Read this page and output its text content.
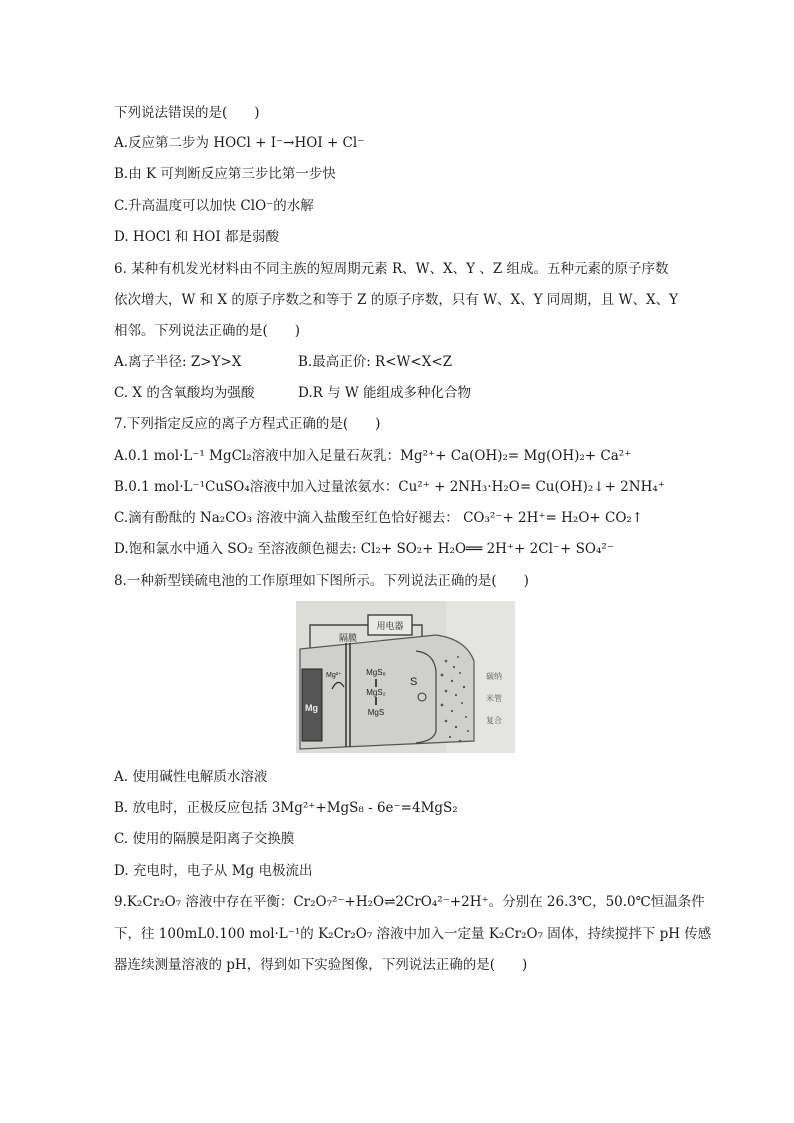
下列说法错误的是(　　)
A.反应第二步为 HOCl + I⁻→HOI + Cl⁻
B.由 K 可判断反应第三步比第一步快
C.升高温度可以加快 ClO⁻的水解
D. HOCl 和 HOI 都是弱酸
6. 某种有机发光材料由不同主族的短周期元素 R、W、X、Y 、Z 组成。五种元素的原子序数
依次增大，W 和 X 的原子序数之和等于 Z 的原子序数，只有 W、X、Y 同周期，且 W、X、Y
相邻。下列说法正确的是(　　)
A.离子半径: Z>Y>X	B.最高正价: R<W<X<Z
C. X 的含氧酸均为强酸	D.R 与 W 能组成多种化合物
7.下列指定反应的离子方程式正确的是(　　)
A.0.1 mol·L⁻¹ MgCl₂溶液中加入足量石灰乳：Mg²⁺+ Ca(OH)₂= Mg(OH)₂+ Ca²⁺
B.0.1 mol·L⁻¹CuSO₄溶液中加入过量浓氨水：Cu²⁺ + 2NH₃·H₂O= Cu(OH)₂↓+ 2NH₄⁺
C.滴有酚酞的 Na₂CO₃ 溶液中滴入盐酸至红色恰好褪去： CO₃²⁻+ 2H⁺= H₂O+ CO₂↑
D.饱和氯水中通入 SO₂ 至溶液颜色褪去: Cl₂+ SO₂+ H₂O══ 2H⁺+ 2Cl⁻+ SO₄²⁻
8.一种新型镁硫电池的工作原理如下图所示。下列说法正确的是(　　)
用电器
隔膜
Mg
Mg²⁺	MgS₈
MgS₂
MgS
S	碳纳
米管
复合
A. 使用碱性电解质水溶液
B. 放电时，正极反应包括 3Mg²⁺+MgS₈ - 6e⁻=4MgS₂
C. 使用的隔膜是阳离子交换膜
D. 充电时，电子从 Mg 电极流出
9.K₂Cr₂O₇ 溶液中存在平衡：Cr₂O₇²⁻+H₂O⇌2CrO₄²⁻+2H⁺。分别在 26.3℃，50.0℃恒温条件
下，往 100mL0.100 mol·L⁻¹的 K₂Cr₂O₇ 溶液中加入一定量 K₂Cr₂O₇ 固体，持续搅拌下 pH 传感
器连续测量溶液的 pH，得到如下实验图像，下列说法正确的是(　　)
